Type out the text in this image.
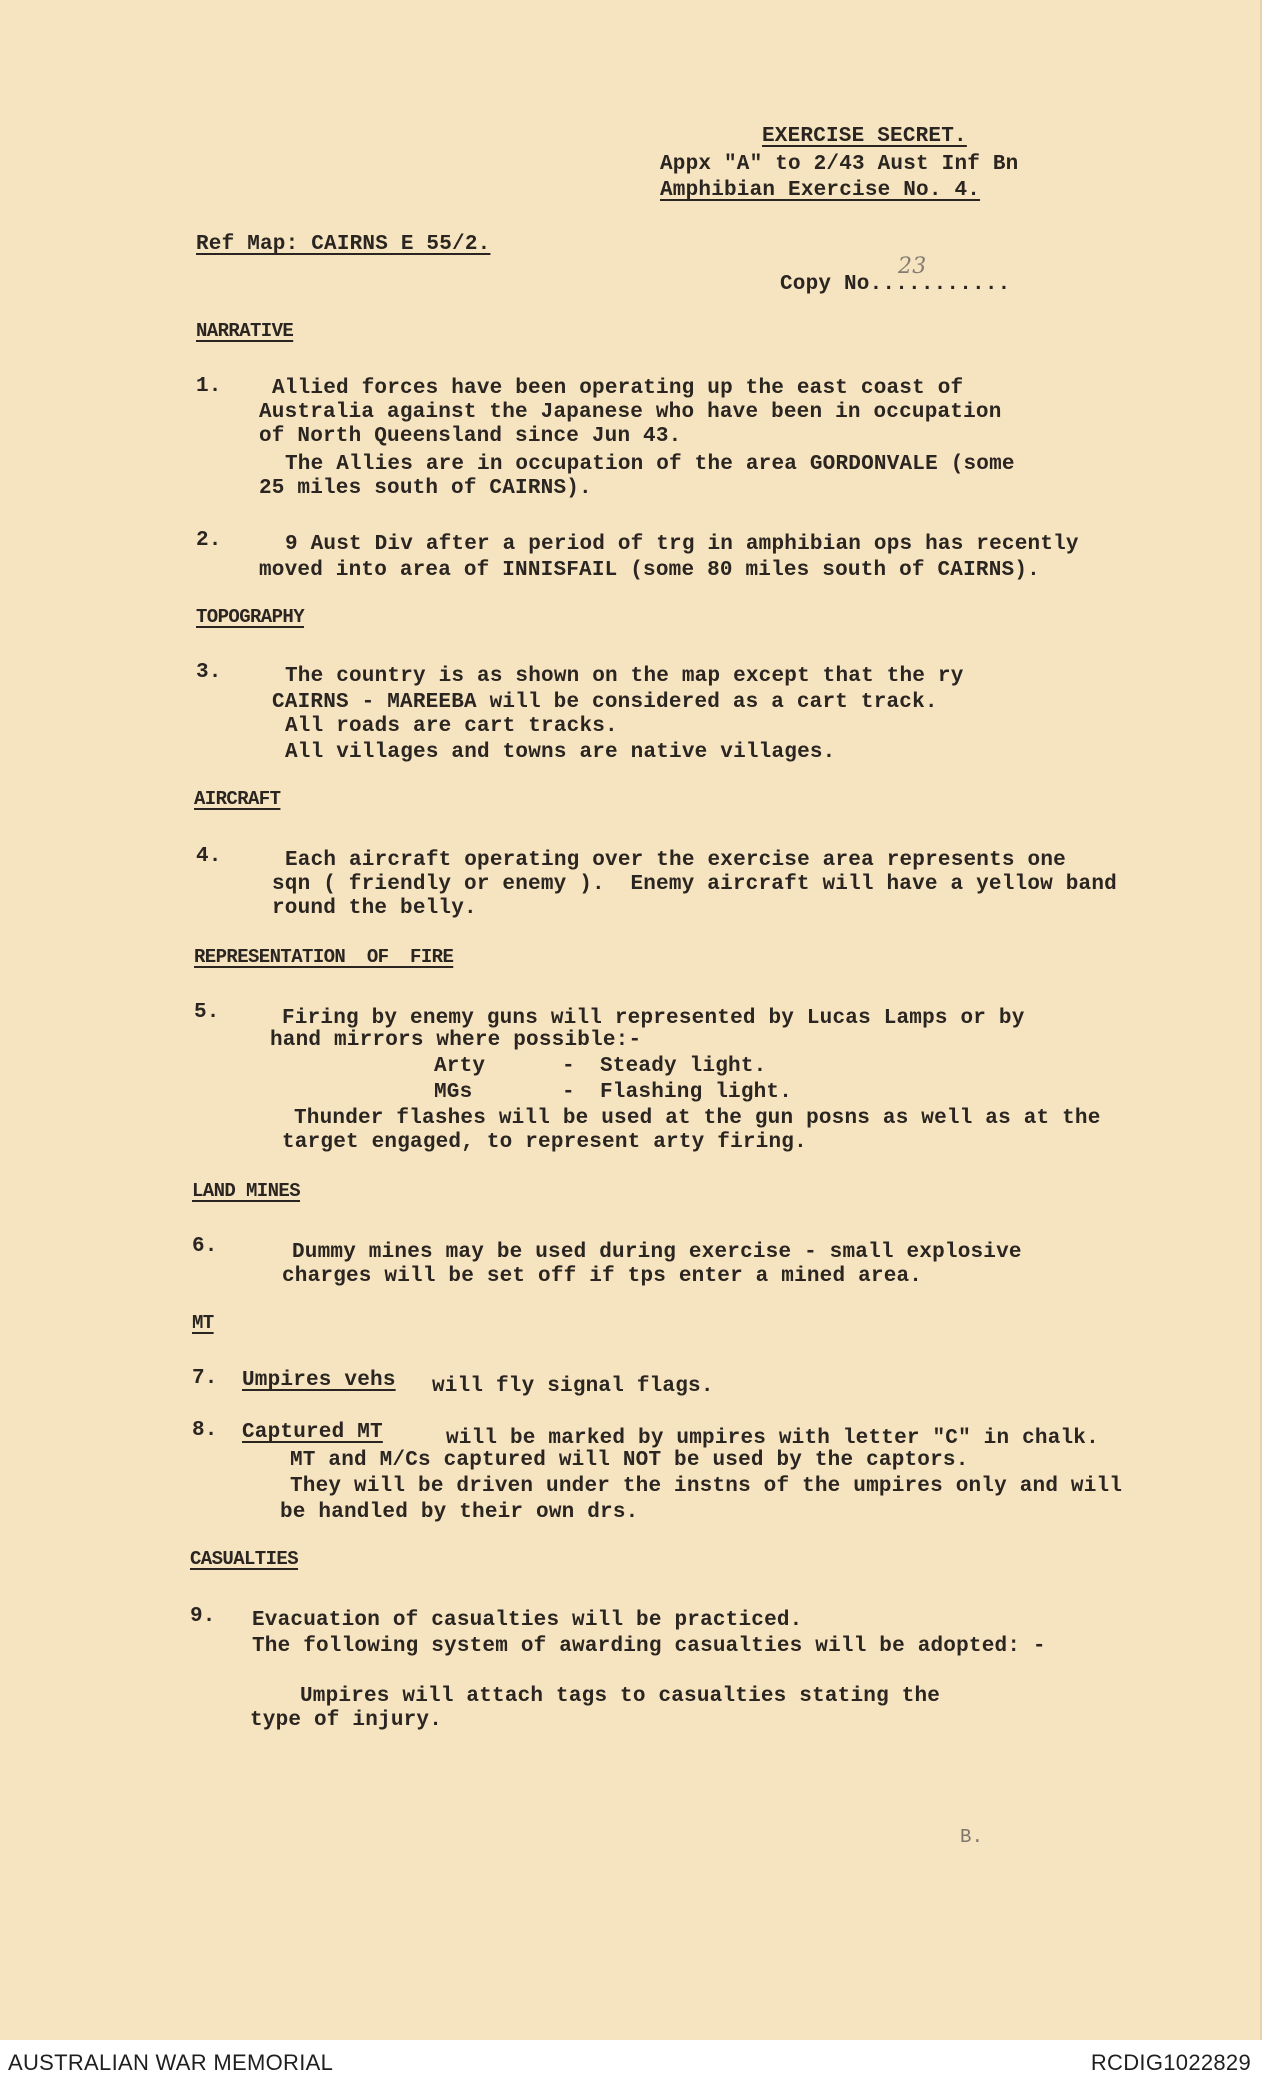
EXERCISE SECRET.
Appx "A" to 2/43 Aust Inf Bn
Amphibian Exercise No. 4.
Ref Map: CAIRNS E 55/2.
Copy No...........
23
NARRATIVE
1. Allied forces have been operating up the east coast of
Australia against the Japanese who have been in occupation
of North Queensland since Jun 43.
The Allies are in occupation of the area GORDONVALE (some
25 miles south of CAIRNS).
2.	9 Aust Div after a period of trg in amphibian ops has recently
moved into area of INNISFAIL (some 80 miles south of CAIRNS).
TOPOGRAPHY
3.	The country is as shown on the map except that the ry
CAIRNS - MAREEBA will be considered as a cart track.
All roads are cart tracks.
All villages and towns are native villages.
AIRCRAFT
4.	Each aircraft operating over the exercise area represents one
sqn ( friendly or enemy ).  Enemy aircraft will have a yellow band
round the belly.
REPRESENTATION  OF  FIRE
5.	Firing by enemy guns will represented by Lucas Lamps or by
hand mirrors where possible:-
Arty	- Steady light.
MGs	- Flashing light.
Thunder flashes will be used at the gun posns as well as at the
target engaged, to represent arty firing.
LAND MINES
6.	Dummy mines may be used during exercise - small explosive
charges will be set off if tps enter a mined area.
MT
7. Umpires vehs will fly signal flags.
8. Captured MT	will be marked by umpires with letter "C" in chalk.
MT and M/Cs captured will NOT be used by the captors.
They will be driven under the instns of the umpires only and will
be handled by their own drs.
CASUALTIES
9. Evacuation of casualties will be practiced.
The following system of awarding casualties will be adopted: -
Umpires will attach tags to casualties stating the
type of injury.
B.
AUSTRALIAN WAR MEMORIAL	RCDIG1022829
